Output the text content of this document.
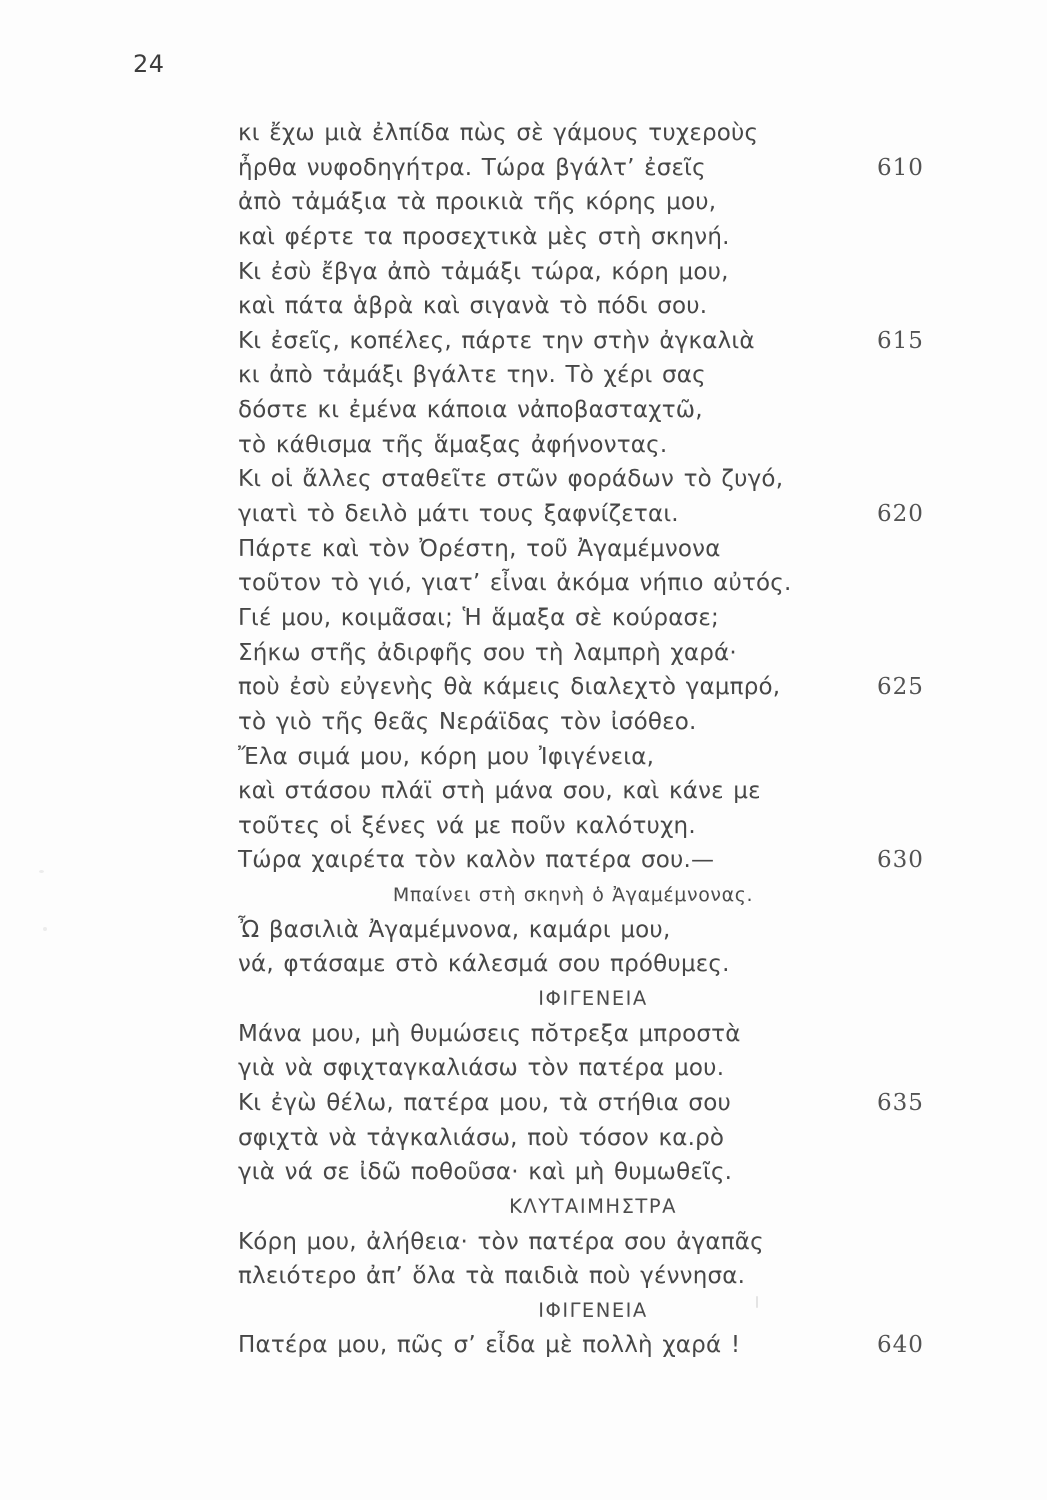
24
κι ἔχω μιὰ ἐλπίδα πὼς σὲ γάμους τυχεροὺς
ἦρθα νυφοδηγήτρα. Τώρα βγάλτ’ ἐσεῖς	610
ἀπὸ τἀμάξια τὰ προικιὰ τῆς κόρης μου,
καὶ φέρτε τα προσεχτικὰ μὲς στὴ σκηνή.
Κι ἐσὺ ἔβγα ἀπὸ τἀμάξι τώρα, κόρη μου,
καὶ πάτα ἁβρὰ καὶ σιγανὰ τὸ πόδι σου.
Κι ἐσεῖς, κοπέλες, πάρτε την στὴν ἀγκαλιὰ	615
κι ἀπὸ τἀμάξι βγάλτε την. Τὸ χέρι σας
δόστε κι ἐμένα κάποια νἀποβασταχτῶ,
τὸ κάθισμα τῆς ἅμαξας ἀφήνοντας.
Κι οἱ ἄλλες σταθεῖτε στῶν φοράδων τὸ ζυγό,
γιατὶ τὸ δειλὸ μάτι τους ξαφνίζεται.	620
Πάρτε καὶ τὸν Ὀρέστη, τοῦ Ἀγαμέμνονα
τοῦτον τὸ γιό, γιατ’ εἶναι ἀκόμα νήπιο αὐτός.
Γιέ μου, κοιμᾶσαι; Ἡ ἅμαξα σὲ κούρασε;
Σήκω στῆς ἀδιρφῆς σου τὴ λαμπρὴ χαρά·
ποὺ ἐσὺ εὐγενὴς θὰ κάμεις διαλεχτὸ γαμπρό,	625
τὸ γιὸ τῆς θεᾶς Νεράϊδας τὸν ἰσόθεο.
Ἔλα σιμά μου, κόρη μου Ἰφιγένεια,
καὶ στάσου πλάϊ στὴ μάνα σου, καὶ κάνε με
τοῦτες οἱ ξένες νά με ποῦν καλότυχη.
Τώρα χαιρέτα τὸν καλὸν πατέρα σου.—	630
Μπαίνει στὴ σκηνὴ ὁ Ἀγαμέμνονας.
Ὦ βασιλιὰ Ἀγαμέμνονα, καμάρι μου,
νά, φτάσαμε στὸ κάλεσμά σου πρόθυμες.
ΙΦΙΓΕΝΕΙΑ
Μάνα μου, μὴ θυμώσεις πο̆τρεξα μπροστὰ
γιὰ νὰ σφιχταγκαλιάσω τὸν πατέρα μου.
Κι ἐγὼ θέλω, πατέρα μου, τὰ στήθια σου	635
σφιχτὰ νὰ τἀγκαλιάσω, ποὺ τόσον κα.ρὸ
γιὰ νά σε ἰδῶ ποθοῦσα· καὶ μὴ θυμωθεῖς.
ΚΛΥΤΑΙΜΗΣΤΡΑ
Κόρη μου, ἀλήθεια· τὸν πατέρα σου ἀγαπᾶς
πλειότερο ἀπ’ ὅλα τὰ παιδιὰ ποὺ γέννησα.
ΙΦΙΓΕΝΕΙΑ
Πατέρα μου, πῶς σ’ εἶδα μὲ πολλὴ χαρά !	640
